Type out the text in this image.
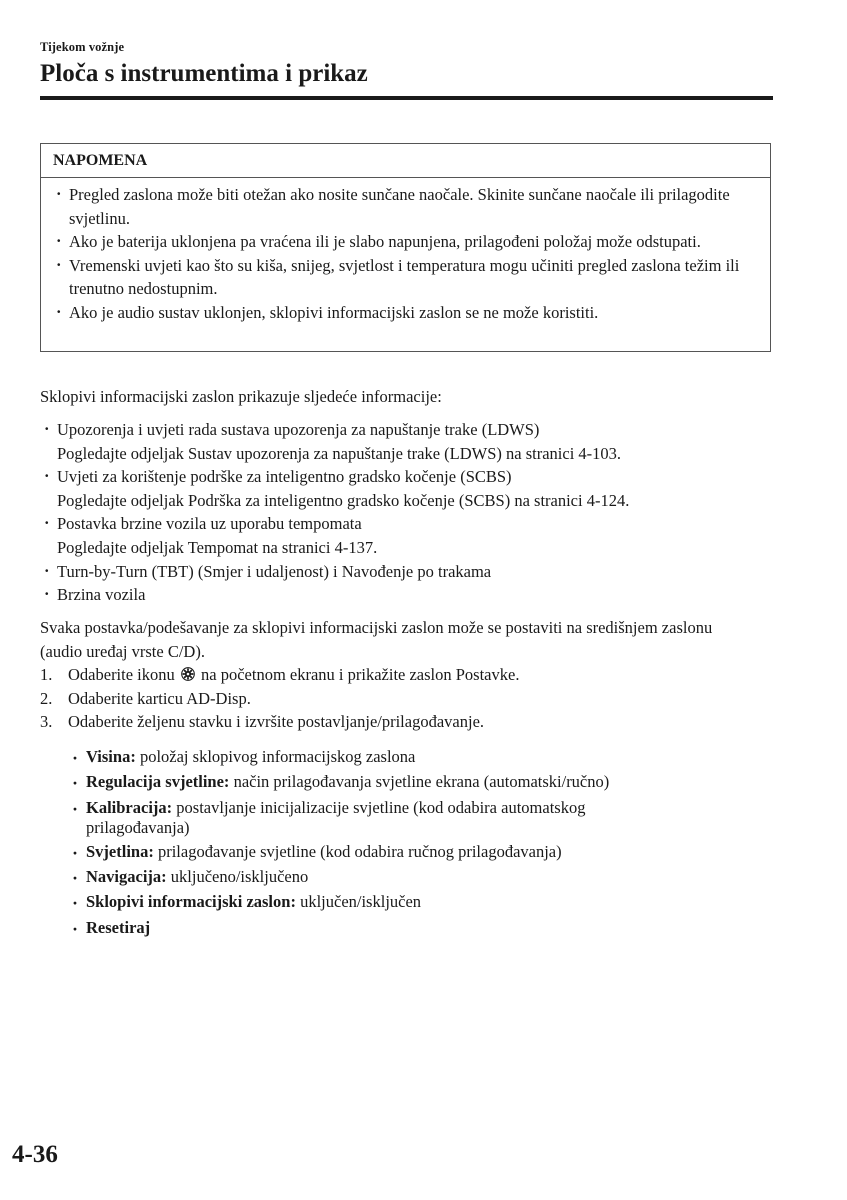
Tijekom vožnje
Ploča s instrumentima i prikaz
NAPOMENA
· Pregled zaslona može biti otežan ako nosite sunčane naočale. Skinite sunčane naočale ili prilagodite svjetlinu.
· Ako je baterija uklonjena pa vraćena ili je slabo napunjena, prilagođeni položaj može odstupati.
· Vremenski uvjeti kao što su kiša, snijeg, svjetlost i temperatura mogu učiniti pregled zaslona težim ili trenutno nedostupnim.
· Ako je audio sustav uklonjen, sklopivi informacijski zaslon se ne može koristiti.
Sklopivi informacijski zaslon prikazuje sljedeće informacije:
· Upozorenja i uvjeti rada sustava upozorenja za napuštanje trake (LDWS)
Pogledajte odjeljak Sustav upozorenja za napuštanje trake (LDWS) na stranici 4-103.
· Uvjeti za korištenje podrške za inteligentno gradsko kočenje (SCBS)
Pogledajte odjeljak Podrška za inteligentno gradsko kočenje (SCBS) na stranici 4-124.
· Postavka brzine vozila uz uporabu tempomata
Pogledajte odjeljak Tempomat na stranici 4-137.
· Turn-by-Turn (TBT) (Smjer i udaljenost) i Navođenje po trakama
· Brzina vozila
Svaka postavka/podešavanje za sklopivi informacijski zaslon može se postaviti na središnjem zaslonu (audio uređaj vrste C/D).
1. Odaberite ikonu na početnom ekranu i prikažite zaslon Postavke.
2. Odaberite karticu AD-Disp.
3. Odaberite željenu stavku i izvršite postavljanje/prilagođavanje.
· Visina: položaj sklopivog informacijskog zaslona
· Regulacija svjetline: način prilagođavanja svjetline ekrana (automatski/ručno)
· Kalibracija: postavljanje inicijalizacije svjetline (kod odabira automatskog
prilagođavanja)
· Svjetlina: prilagođavanje svjetline (kod odabira ručnog prilagođavanja)
· Navigacija: uključeno/isključeno
· Sklopivi informacijski zaslon: uključen/isključen
· Resetiraj
4-36
